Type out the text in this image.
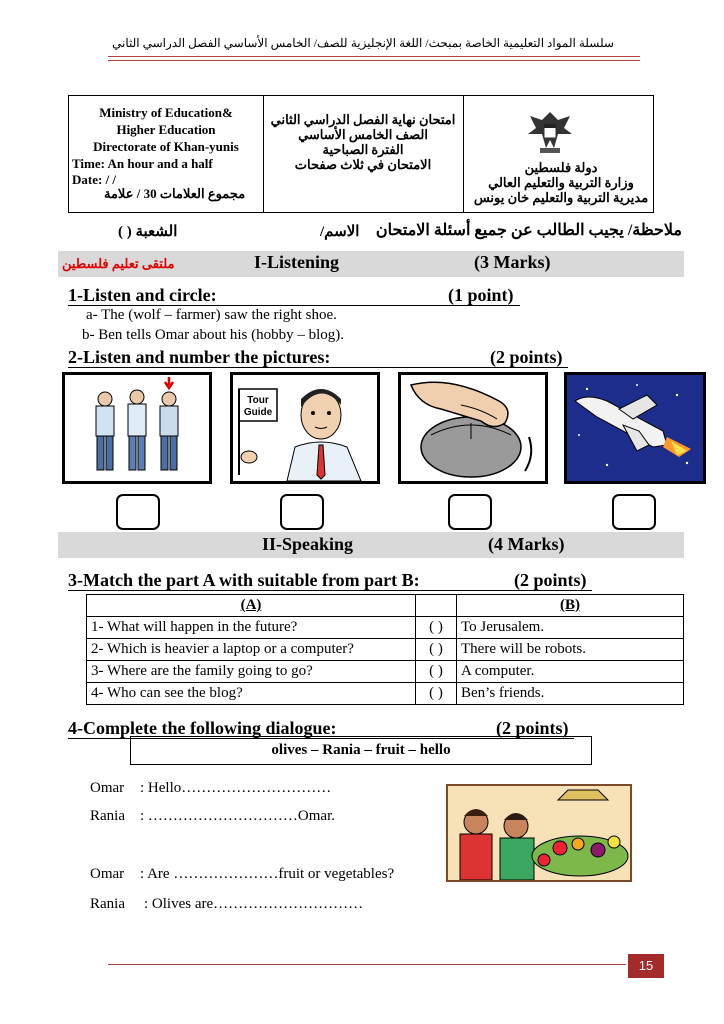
سلسلة المواد التعليمية الخاصة بمبحث/ اللغة الإنجليزية
للصف/ الخامس الأساسي الفصل الدراسي الثاني
Ministry of Education&
Higher Education
Directorate of Khan-yunis
Time: An hour and a half
Date: / /
مجموع العلامات 30 / علامة
امتحان نهاية الفصل الدراسي الثاني
الصف الخامس الأساسي
الفترة الصباحية
الامتحان في ثلاث صفحات	دولة فلسطين
وزارة التربية والتعليم العالي
مديرية التربية والتعليم خان يونس
ملاحظة/ يجيب الطالب عن جميع أسئلة الامتحان
الاسم/
الشعبة ( )
I-Listening	(3 Marks)
ملتقى تعليم فلسطين
1-Listen and circle:	(1 point)
a- The (wolf – farmer) saw the right shoe.
b- Ben tells Omar about his (hobby – blog).
2-Listen and number the pictures:	(2 points)
Tour
Guide
II-Speaking	(4 Marks)
3-Match the part A with suitable from part B:	(2 points)
(A)		(B)
1- What will happen in the future?	( )	To Jerusalem.
2- Which is heavier a laptop or a computer?	( )	There will be robots.
3- Where are the family going to go?	( )	A computer.
4- Who can see the blog?	( )	Ben’s friends.
4-Complete the following dialogue:	(2 points)
olives – Rania – fruit – hello
Omar : Hello…………………………
Rania : …………………………Omar.
Omar : Are …………………fruit or vegetables?
Rania : Olives are…………………………
15
